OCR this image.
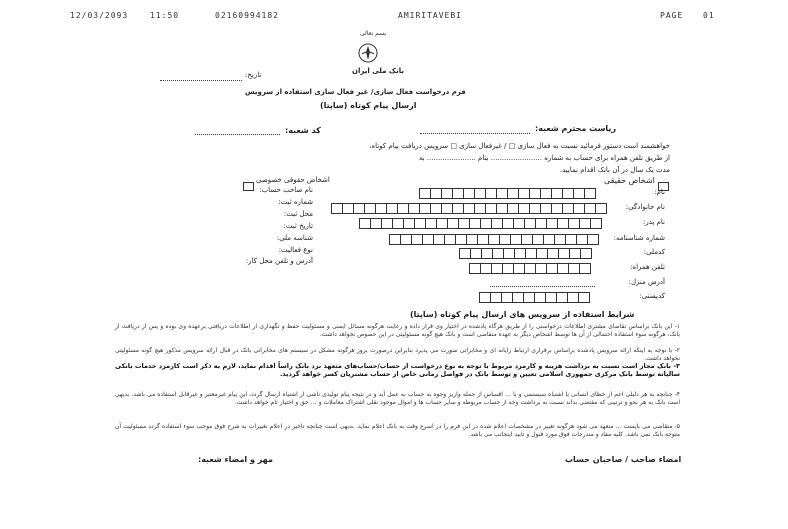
12/03/2093	11:50	02160994182	AMIRITAVEBI	PAGE 01
بسم تعالی
بانک ملی ایران
تاریخ:
فرم درخواست فعال سازی/ غیر فعال سازی استفاده از سرویس
ارسال پیام کوتاه (ساپتا)
ریاست محترم شعبه:
کد شعبه:
خواهشمند است دستور فرمائید نسبت به فعال سازی □ / غیرفعال سازی □ سرویس دریافت پیام کوتاه،
از طریق تلفن همراه برای حساب به شماره ....................... بنام ...................... به
مدت یک سال در آن بانک اقدام نمایید.
اشخاص حقیقی
اشخاص حقوقی خصوصی
نام صاحب حساب:
شماره ثبت:
محل ثبت:
تاریخ ثبت:
شناسه ملی:
نوع فعالیت:
آدرس و تلفن محل کار:
نام:
نام خانوادگی:
نام پدر:
شماره شناسنامه:
کدملی:
تلفن همراه:
آدرس منزل:
کدپستی:
شرایط استفاده از سرویس های ارسال پیام کوتاه (ساپتا)
۱- این بانک براساس تقاضای مشتری اطلاعات درخواستی را از طریق هرگاه پادشده در اختیار وی قرار داده و رعایت هرگونه مسائل ایمنی و مسئولیت حفظ و نگهداری از اطلاعات دریافتی برعهده وی بوده و پس از دریافت از بانک، هرگونه سوء استفاده احتمالی از آن ها توسط اشخاص دیگر به عهده متقاضی است و بانک هیچ گونه مسئولیتی در این خصوص نخواهد داشت.
۲- با توجه به اینکه ارائه سرویس پادشده براساس برقراری ارتباط رایانه ای و مخابراتی صورت می پذیرد بنابراین درصورت بروز هرگونه مشکل در سیستم های مخابراتی بانک در قبال ارائه سرویس مذکور هیچ گونه مسئولیتی نخواهد داشت.
۳- بانک مجاز است نسبت به برداشت هزینه و کارمزد مربوط با توجه به نوع درخواست از حساب/حساب‌های متعهد نزد بانک راساً اقدام نماید، لازم به ذکر است کارمزد خدمات بانکی سالیانه توسط بانک مرکزی جمهوری اسلامی تعیین و توسط بانک در فواصل زمانی خاص از حساب مشتریان کسر خواهد گردید.
۴- چنانچه به هر دلیلی اعم از خطای انسانی یا اشتباه سیستمی و یا … اقساس از جمله واریز وجوه به حساب به عمل آید و در نتیجه پیام تولیدی ناشی از اشتباه ارسال گردد، این پیام غیرمعتبر و غیرقابل استفاده می باشد. بدیهی است بانک به هر نحو و ترتیبی که مقتضی بداند نسبت به برداشت وجه از حساب مربوطه و سایر حساب ها و اموال موجود نقلی اشتراک معاملات و … حق و اختیار تام خواهد داشت.
۵- متقاضی می بایست ... متعهد می شود هرگونه تغییر در مشخصات اعلام شده در این فرم را در اسرع وقت به بانک اعلام نماید. بدیهی است چنانچه تاخیر در اعلام تغییرات به شرح فوق موجب سوء استفاده گردد مسئولیت آن متوجه بانک نمی باشد. کلیه مفاد و مندرجات فوق مورد قبول و تایید اینجانب می باشد.
امضاء صاحب / صاحبان حساب
مهر و امضاء شعبه:
